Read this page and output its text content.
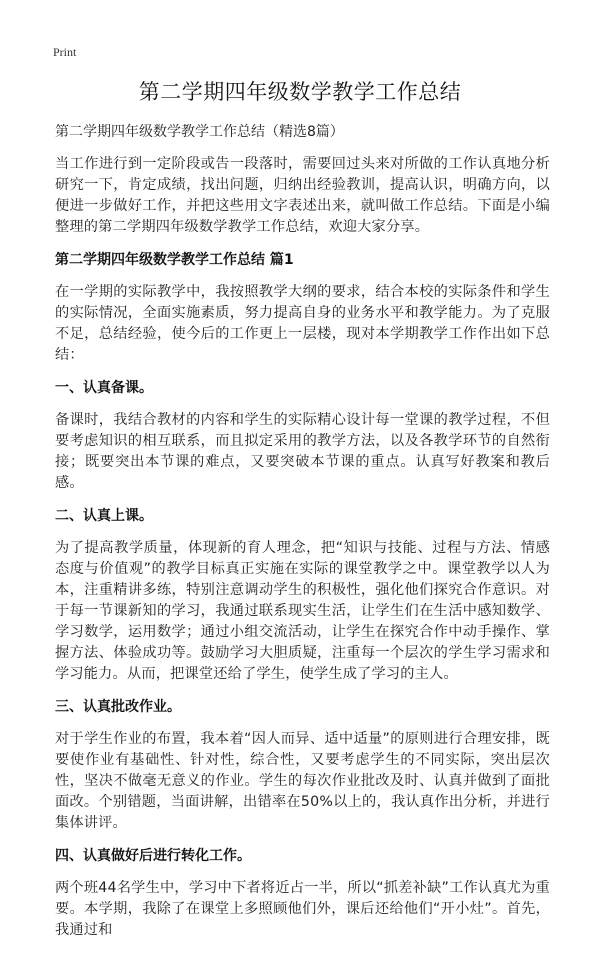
Print
第二学期四年级数学教学工作总结

第二学期四年级数学教学工作总结（精选8篇）

当工作进行到一定阶段或告一段落时，需要回过头来对所做的工作认真地分析研究一下，肯定成绩，找出问题，归纳出经验教训，提高认识，明确方向，以便进一步做好工作，并把这些用文字表述出来，就叫做工作总结。下面是小编整理的第二学期四年级数学教学工作总结，欢迎大家分享。

第二学期四年级数学教学工作总结 篇1

在一学期的实际教学中，我按照教学大纲的要求，结合本校的实际条件和学生的实际情况，全面实施素质，努力提高自身的业务水平和教学能力。为了克服不足，总结经验，使今后的工作更上一层楼，现对本学期教学工作作出如下总结：

一、认真备课。

备课时，我结合教材的内容和学生的实际精心设计每一堂课的教学过程，不但要考虑知识的相互联系，而且拟定采用的教学方法，以及各教学环节的自然衔接；既要突出本节课的难点，又要突破本节课的重点。认真写好教案和教后感。

二、认真上课。

为了提高教学质量，体现新的育人理念，把“知识与技能、过程与方法、情感态度与价值观”的教学目标真正实施在实际的课堂教学之中。课堂教学以人为本，注重精讲多练，特别注意调动学生的积极性，强化他们探究合作意识。对于每一节课新知的学习，我通过联系现实生活，让学生们在生活中感知数学、学习数学，运用数学；通过小组交流活动，让学生在探究合作中动手操作、掌握方法、体验成功等。鼓励学习大胆质疑，注重每一个层次的学生学习需求和学习能力。从而，把课堂还给了学生，使学生成了学习的主人。

三、认真批改作业。

对于学生作业的布置，我本着“因人而异、适中适量”的原则进行合理安排，既要使作业有基础性、针对性，综合性，又要考虑学生的不同实际，突出层次性，坚决不做毫无意义的作业。学生的每次作业批改及时、认真并做到了面批面改。个别错题，当面讲解，出错率在50%以上的，我认真作出分析，并进行集体讲评。

四、认真做好后进行转化工作。

两个班44名学生中，学习中下者将近占一半，所以“抓差补缺”工作认真尤为重要。本学期，我除了在课堂上多照顾他们外，课后还给他们“开小灶”。首先，我通过和
